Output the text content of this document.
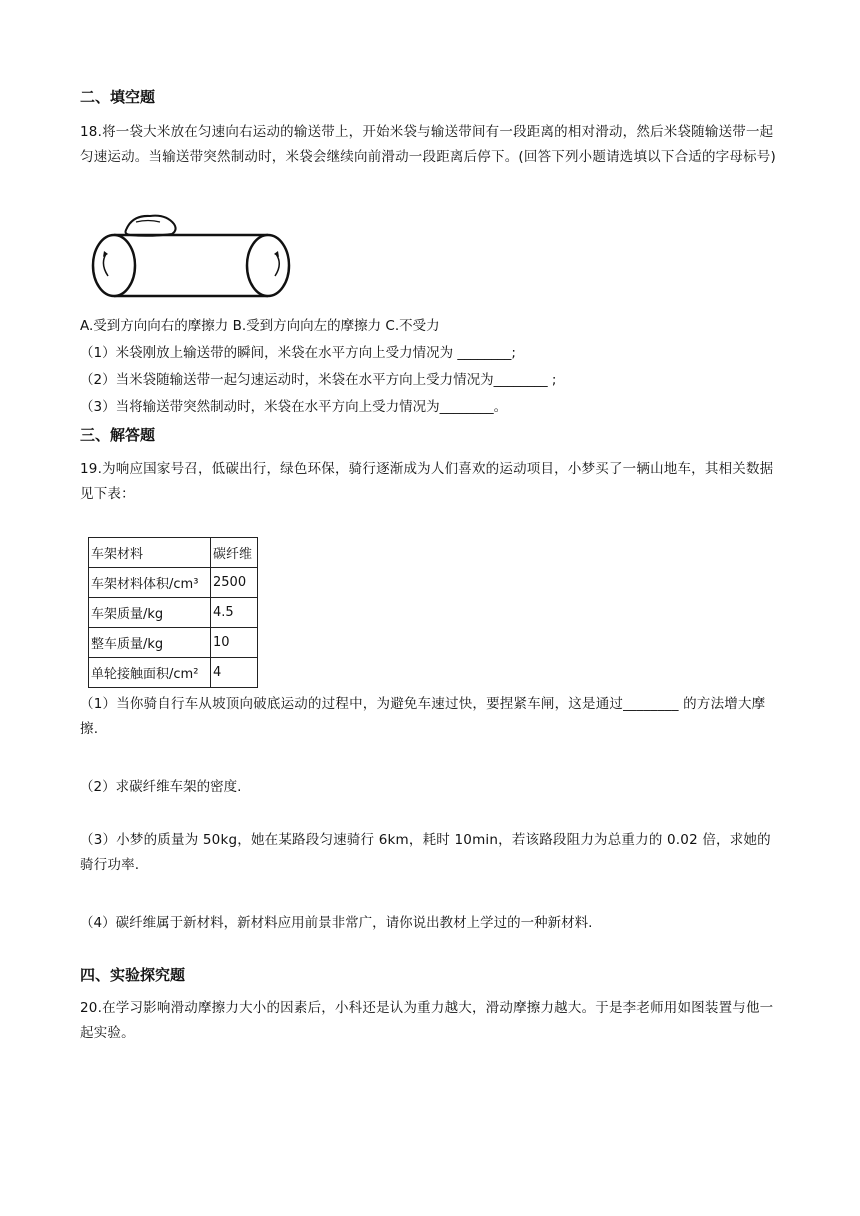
二、填空题
18.将一袋大米放在匀速向右运动的输送带上，开始米袋与输送带间有一段距离的相对滑动，然后米袋随输送带一起匀速运动。当输送带突然制动时，米袋会继续向前滑动一段距离后停下。(回答下列小题请选填以下合适的字母标号)
A.受到方向向右的摩擦力 B.受到方向向左的摩擦力 C.不受力
（1）米袋刚放上输送带的瞬间，米袋在水平方向上受力情况为 ________;
（2）当米袋随输送带一起匀速运动时，米袋在水平方向上受力情况为________ ;
（3）当将输送带突然制动时，米袋在水平方向上受力情况为________。
三、解答题
19.为响应国家号召，低碳出行，绿色环保，骑行逐渐成为人们喜欢的运动项目，小梦买了一辆山地车，其相关数据见下表：
车架材料	碳纤维
车架材料体积/cm³	2500
车架质量/kg	4.5
整车质量/kg	10
单轮接触面积/cm²	4
（1）当你骑自行车从坡顶向破底运动的过程中，为避免车速过快，要捏紧车闸，这是通过________ 的方法增大摩擦.
（2）求碳纤维车架的密度.
（3）小梦的质量为 50kg，她在某路段匀速骑行 6km，耗时 10min，若该路段阻力为总重力的 0.02 倍，求她的骑行功率.
（4）碳纤维属于新材料，新材料应用前景非常广，请你说出教材上学过的一种新材料.
四、实验探究题
20.在学习影响滑动摩擦力大小的因素后，小科还是认为重力越大，滑动摩擦力越大。于是李老师用如图装置与他一起实验。
